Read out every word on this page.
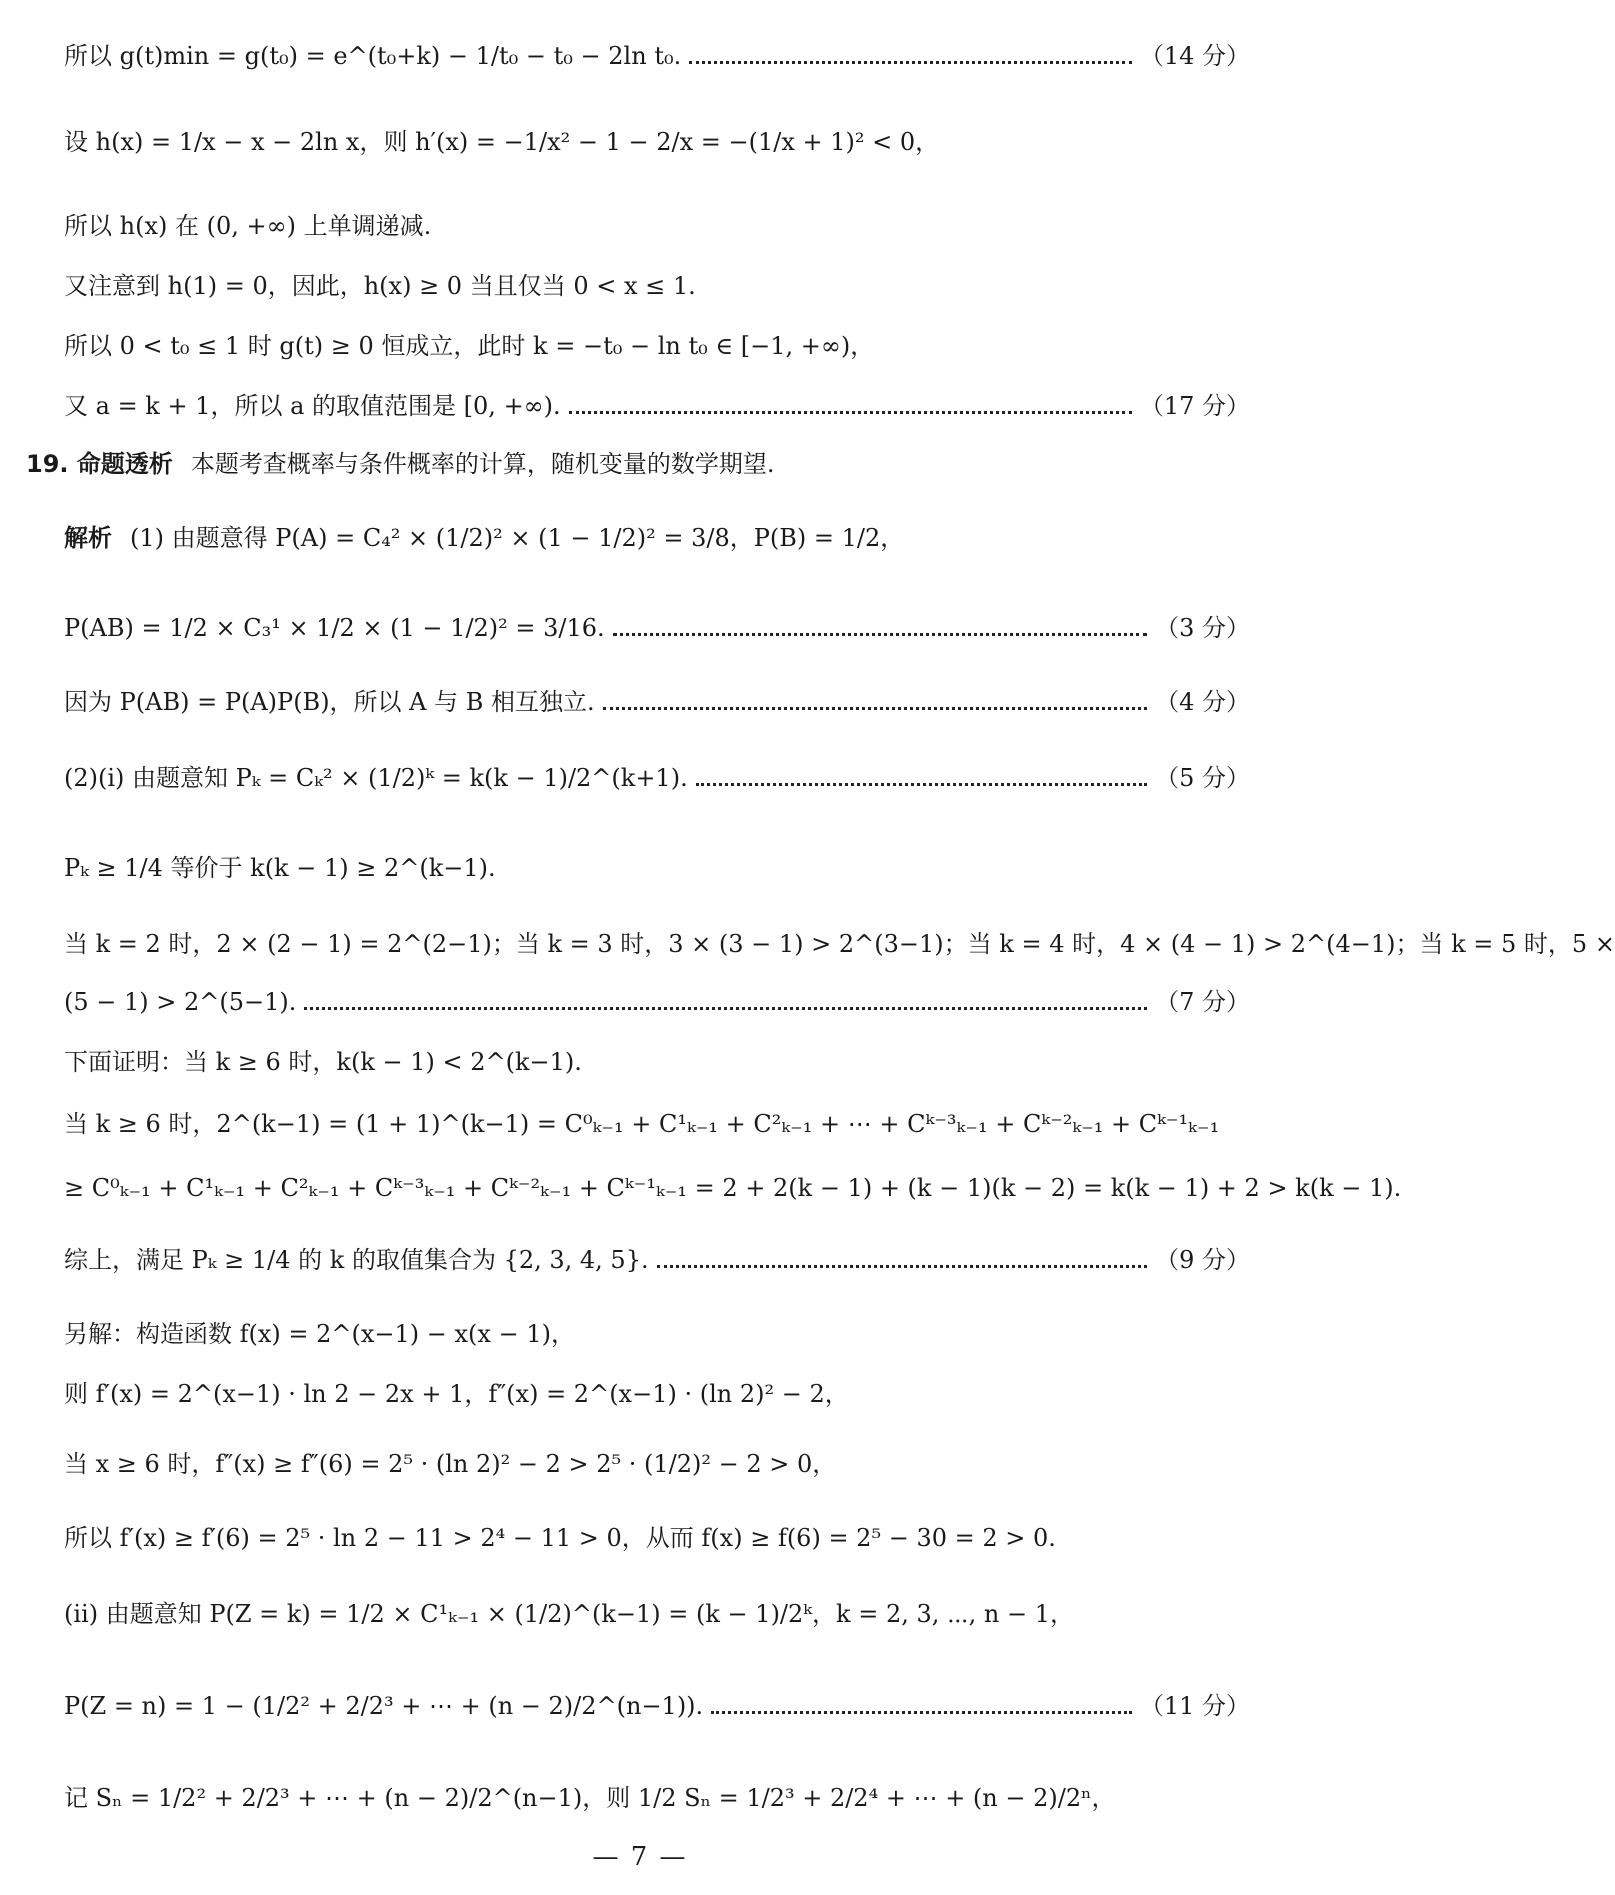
所以 g(t)min = g(t₀) = e^(t₀+k) − 1/t₀ − t₀ − 2ln t₀.	（14 分）
设 h(x) = 1/x − x − 2ln x，则 h′(x) = −1/x² − 1 − 2/x = −(1/x + 1)² < 0，
所以 h(x) 在 (0, +∞) 上单调递减.
又注意到 h(1) = 0，因此，h(x) ≥ 0 当且仅当 0 < x ≤ 1.
所以 0 < t₀ ≤ 1 时 g(t) ≥ 0 恒成立，此时 k = −t₀ − ln t₀ ∈ [−1, +∞)，
又 a = k + 1，所以 a 的取值范围是 [0, +∞).	（17 分）
19. 命题透析 本题考查概率与条件概率的计算，随机变量的数学期望.
解析 (1) 由题意得 P(A) = C₄² × (1/2)² × (1 − 1/2)² = 3/8，P(B) = 1/2，
P(AB) = 1/2 × C₃¹ × 1/2 × (1 − 1/2)² = 3/16.	（3 分）
因为 P(AB) = P(A)P(B)，所以 A 与 B 相互独立.	（4 分）
(2)(ⅰ) 由题意知 Pₖ = Cₖ² × (1/2)ᵏ = k(k − 1)/2^(k+1).	（5 分）
Pₖ ≥ 1/4 等价于 k(k − 1) ≥ 2^(k−1).
当 k = 2 时，2 × (2 − 1) = 2^(2−1)；当 k = 3 时，3 × (3 − 1) > 2^(3−1)；当 k = 4 时，4 × (4 − 1) > 2^(4−1)；当 k = 5 时，5 ×
(5 − 1) > 2^(5−1).	（7 分）
下面证明：当 k ≥ 6 时，k(k − 1) < 2^(k−1).
当 k ≥ 6 时，2^(k−1) = (1 + 1)^(k−1) = C⁰ₖ₋₁ + C¹ₖ₋₁ + C²ₖ₋₁ + ⋯ + Cᵏ⁻³ₖ₋₁ + Cᵏ⁻²ₖ₋₁ + Cᵏ⁻¹ₖ₋₁
≥ C⁰ₖ₋₁ + C¹ₖ₋₁ + C²ₖ₋₁ + Cᵏ⁻³ₖ₋₁ + Cᵏ⁻²ₖ₋₁ + Cᵏ⁻¹ₖ₋₁ = 2 + 2(k − 1) + (k − 1)(k − 2) = k(k − 1) + 2 > k(k − 1).
综上，满足 Pₖ ≥ 1/4 的 k 的取值集合为 {2, 3, 4, 5}.	（9 分）
另解：构造函数 f(x) = 2^(x−1) − x(x − 1)，
则 f′(x) = 2^(x−1) · ln 2 − 2x + 1，f″(x) = 2^(x−1) · (ln 2)² − 2，
当 x ≥ 6 时，f″(x) ≥ f″(6) = 2⁵ · (ln 2)² − 2 > 2⁵ · (1/2)² − 2 > 0，
所以 f′(x) ≥ f′(6) = 2⁵ · ln 2 − 11 > 2⁴ − 11 > 0，从而 f(x) ≥ f(6) = 2⁵ − 30 = 2 > 0.
(ⅱ) 由题意知 P(Z = k) = 1/2 × C¹ₖ₋₁ × (1/2)^(k−1) = (k − 1)/2ᵏ，k = 2, 3, ⋯, n − 1，
P(Z = n) = 1 − (1/2² + 2/2³ + ⋯ + (n − 2)/2^(n−1)).	（11 分）
记 Sₙ = 1/2² + 2/2³ + ⋯ + (n − 2)/2^(n−1)，则 1/2 Sₙ = 1/2³ + 2/2⁴ + ⋯ + (n − 2)/2ⁿ，
— 7 —
